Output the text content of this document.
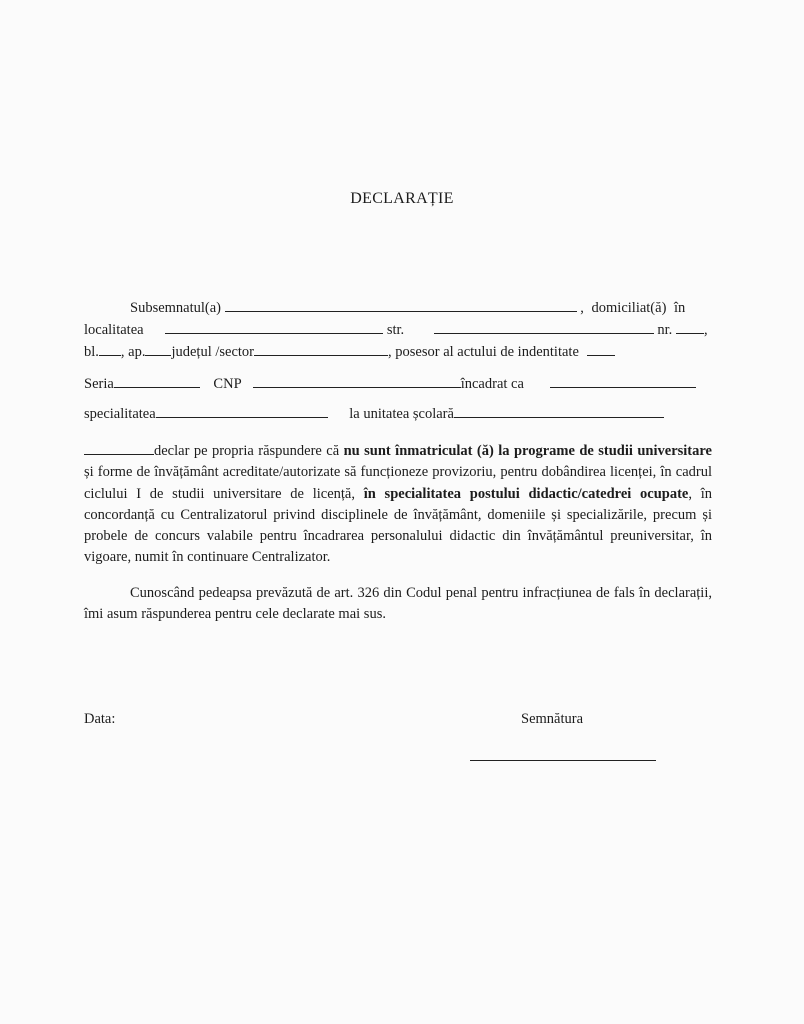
DECLARAȚIE
Subsemnatul(a)	, domiciliat(ă) în
localitatea	str.	nr. ,
bl. , ap. județul /sector	, posesor al actului de indentitate
Seria	CNP	încadrat ca
specialitatea	la unitatea școlară
declar pe propria răspundere că nu sunt înmatriculat (ă) la programe de studii universitare și forme de învățământ acreditate/autorizate să funcționeze provizoriu, pentru dobândirea licenței, în cadrul ciclului I de studii universitare de licență, în specialitatea postului didactic/catedrei ocupate, în concordanță cu Centralizatorul privind disciplinele de învățământ, domeniile și specializările, precum și probele de concurs valabile pentru încadrarea personalului didactic din învățământul preuniversitar, în vigoare, numit în continuare Centralizator.
Cunoscând pedeapsa prevăzută de art. 326 din Codul penal pentru infracțiunea de fals în declarații, îmi asum răspunderea pentru cele declarate mai sus.
Data:	Semnătura
